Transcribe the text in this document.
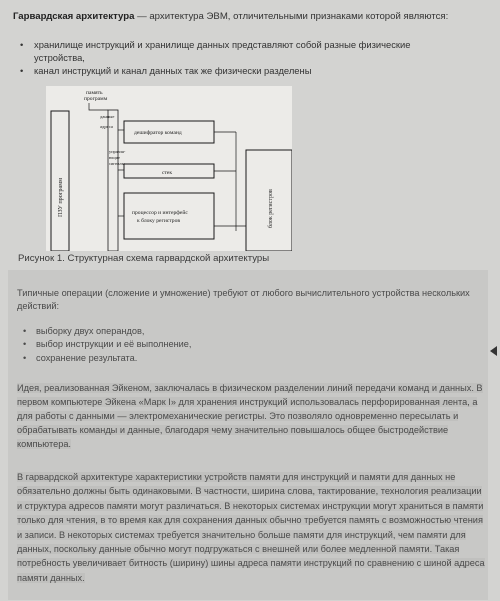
Гарвардская архитектура — архитектура ЭВМ, отличительными признаками которой являются:
• хранилище инструкций и хранилище данных представляют собой разные физические устройства,
• канал инструкций и канал данных так же физически разделены
память
программ
ПЗУ программ
данные
адреса
дешифратор команд
управля-
ющие
сигналы
стек
процессор и интерфейс
к блоку регистров	блок регистров
Рисунок 1. Структурная схема гарвардской архитектуры
Типичные операции (сложение и умножение) требуют от любого вычислительного устройства нескольких действий:
• выборку двух операндов,
• выбор инструкции и её выполнение,
• сохранение результата.
Идея, реализованная Эйкеном, заключалась в физическом разделении линий передачи команд и данных. В первом компьютере Эйкена «Марк I» для хранения инструкций использовалась перфорированная лента, а для работы с данными — электромеханические регистры. Это позволяло одновременно пересылать и обрабатывать команды и данные, благодаря чему значительно повышалось общее быстродействие компьютера.
В гарвардской архитектуре характеристики устройств памяти для инструкций и памяти для данных не обязательно должны быть одинаковыми. В частности, ширина слова, тактирование, технология реализации и структура адресов памяти могут различаться. В некоторых системах инструкции могут храниться в памяти только для чтения, в то время как для сохранения данных обычно требуется память с возможностью чтения и записи. В некоторых системах требуется значительно больше памяти для инструкций, чем памяти для данных, поскольку данные обычно могут подгружаться с внешней или более медленной памяти. Такая потребность увеличивает битность (ширину) шины адреса памяти инструкций по сравнению с шиной адреса памяти данных.
